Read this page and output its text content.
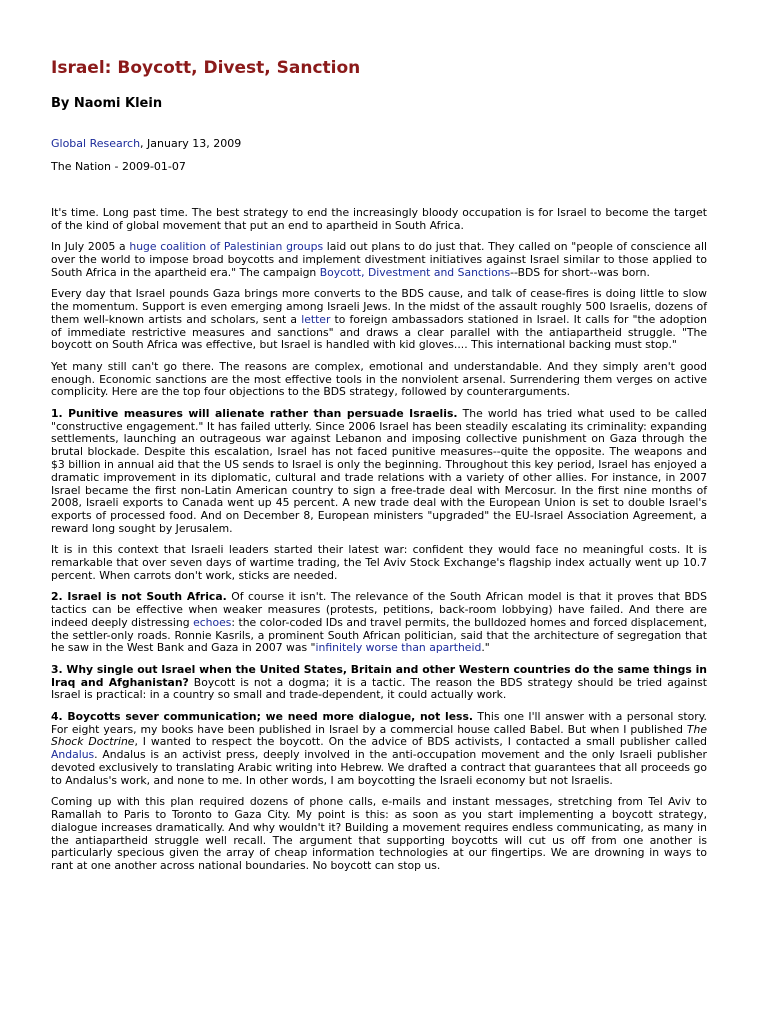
Israel: Boycott, Divest, Sanction
By Naomi Klein
Global Research, January 13, 2009
The Nation - 2009-01-07

It's time. Long past time. The best strategy to end the increasingly bloody occupation is for Israel to become the target of the kind of global movement that put an end to apartheid in South Africa.

In July 2005 a huge coalition of Palestinian groups laid out plans to do just that. They called on "people of conscience all over the world to impose broad boycotts and implement divestment initiatives against Israel similar to those applied to South Africa in the apartheid era." The campaign Boycott, Divestment and Sanctions--BDS for short--was born.

Every day that Israel pounds Gaza brings more converts to the BDS cause, and talk of cease-fires is doing little to slow the momentum. Support is even emerging among Israeli Jews. In the midst of the assault roughly 500 Israelis, dozens of them well-known artists and scholars, sent a letter to foreign ambassadors stationed in Israel. It calls for "the adoption of immediate restrictive measures and sanctions" and draws a clear parallel with the antiapartheid struggle. "The boycott on South Africa was effective, but Israel is handled with kid gloves.... This international backing must stop."

Yet many still can't go there. The reasons are complex, emotional and understandable. And they simply aren't good enough. Economic sanctions are the most effective tools in the nonviolent arsenal. Surrendering them verges on active complicity. Here are the top four objections to the BDS strategy, followed by counterarguments.

1. Punitive measures will alienate rather than persuade Israelis. The world has tried what used to be called "constructive engagement." It has failed utterly. Since 2006 Israel has been steadily escalating its criminality: expanding settlements, launching an outrageous war against Lebanon and imposing collective punishment on Gaza through the brutal blockade. Despite this escalation, Israel has not faced punitive measures--quite the opposite. The weapons and $3 billion in annual aid that the US sends to Israel is only the beginning. Throughout this key period, Israel has enjoyed a dramatic improvement in its diplomatic, cultural and trade relations with a variety of other allies. For instance, in 2007 Israel became the first non-Latin American country to sign a free-trade deal with Mercosur. In the first nine months of 2008, Israeli exports to Canada went up 45 percent. A new trade deal with the European Union is set to double Israel's exports of processed food. And on December 8, European ministers "upgraded" the EU-Israel Association Agreement, a reward long sought by Jerusalem.

It is in this context that Israeli leaders started their latest war: confident they would face no meaningful costs. It is remarkable that over seven days of wartime trading, the Tel Aviv Stock Exchange's flagship index actually went up 10.7 percent. When carrots don't work, sticks are needed.

2. Israel is not South Africa. Of course it isn't. The relevance of the South African model is that it proves that BDS tactics can be effective when weaker measures (protests, petitions, back-room lobbying) have failed. And there are indeed deeply distressing echoes: the color-coded IDs and travel permits, the bulldozed homes and forced displacement, the settler-only roads. Ronnie Kasrils, a prominent South African politician, said that the architecture of segregation that he saw in the West Bank and Gaza in 2007 was "infinitely worse than apartheid."

3. Why single out Israel when the United States, Britain and other Western countries do the same things in Iraq and Afghanistan? Boycott is not a dogma; it is a tactic. The reason the BDS strategy should be tried against Israel is practical: in a country so small and trade-dependent, it could actually work.

4. Boycotts sever communication; we need more dialogue, not less. This one I'll answer with a personal story. For eight years, my books have been published in Israel by a commercial house called Babel. But when I published The Shock Doctrine, I wanted to respect the boycott. On the advice of BDS activists, I contacted a small publisher called Andalus. Andalus is an activist press, deeply involved in the anti-occupation movement and the only Israeli publisher devoted exclusively to translating Arabic writing into Hebrew. We drafted a contract that guarantees that all proceeds go to Andalus's work, and none to me. In other words, I am boycotting the Israeli economy but not Israelis.

Coming up with this plan required dozens of phone calls, e-mails and instant messages, stretching from Tel Aviv to Ramallah to Paris to Toronto to Gaza City. My point is this: as soon as you start implementing a boycott strategy, dialogue increases dramatically. And why wouldn't it? Building a movement requires endless communicating, as many in the antiapartheid struggle well recall. The argument that supporting boycotts will cut us off from one another is particularly specious given the array of cheap information technologies at our fingertips. We are drowning in ways to rant at one another across national boundaries. No boycott can stop us.
